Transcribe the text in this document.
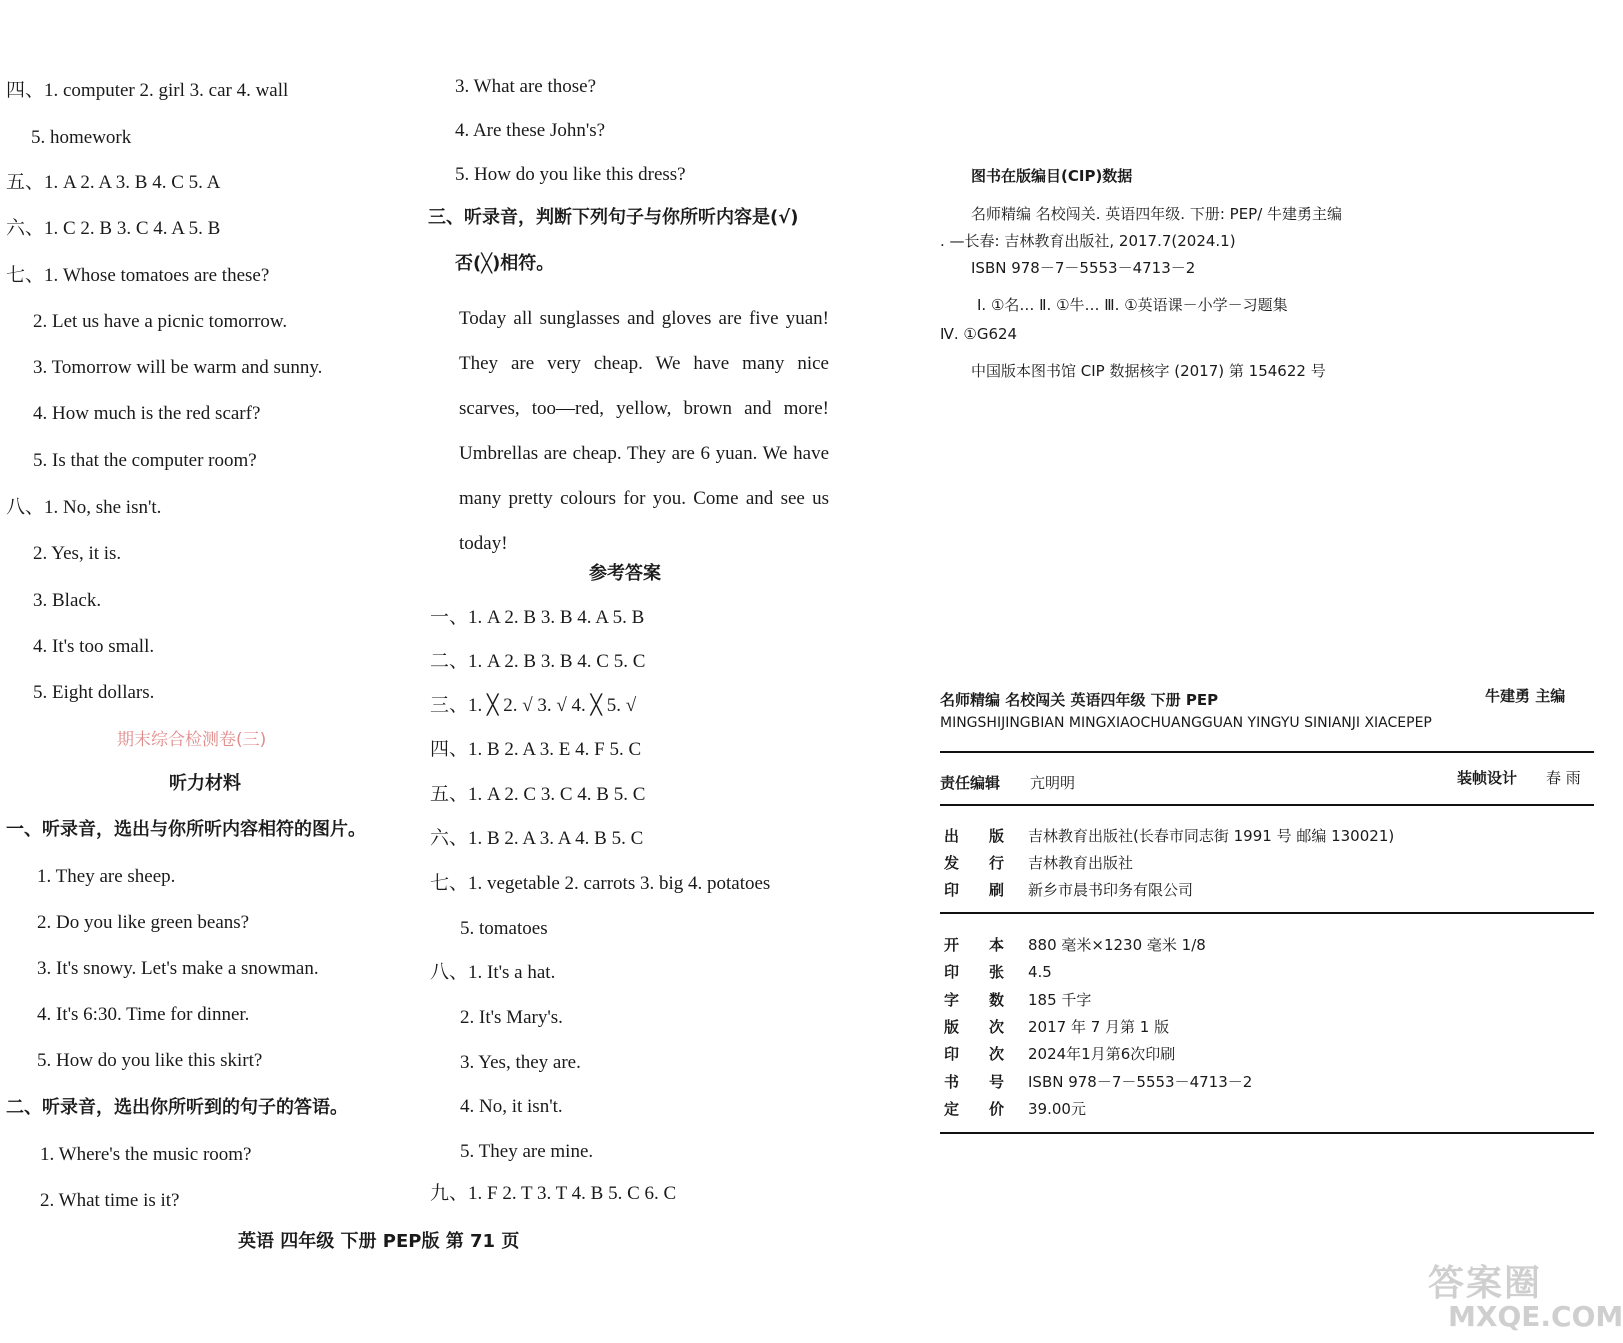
四、1. computer 2. girl 3. car 4. wall
5. homework
五、1. A 2. A 3. B 4. C 5. A
六、1. C 2. B 3. C 4. A 5. B
七、1. Whose tomatoes are these?
2. Let us have a picnic tomorrow.
3. Tomorrow will be warm and sunny.
4. How much is the red scarf?
5. Is that the computer room?
八、1. No, she isn't.
2. Yes, it is.
3. Black.
4. It's too small.
5. Eight dollars.
期末综合检测卷(三)
听力材料
一、听录音，选出与你所听内容相符的图片。
1. They are sheep.
2. Do you like green beans?
3. It's snowy. Let's make a snowman.
4. It's 6:30. Time for dinner.
5. How do you like this skirt?
二、听录音，选出你所听到的句子的答语。
1. Where's the music room?
2. What time is it?
3. What are those?
4. Are these John's?
5. How do you like this dress?
三、听录音，判断下列句子与你所听内容是(√)
否(╳)相符。
Today all sunglasses and gloves are five yuan! They are very cheap. We have many nice scarves, too—red, yellow, brown and more! Umbrellas are cheap. They are 6 yuan. We have many pretty colours for you. Come and see us today!
参考答案
一、1. A 2. B 3. B 4. A 5. B
二、1. A 2. B 3. B 4. C 5. C
三、1. ╳ 2. √ 3. √ 4. ╳ 5. √
四、1. B 2. A 3. E 4. F 5. C
五、1. A 2. C 3. C 4. B 5. C
六、1. B 2. A 3. A 4. B 5. C
七、1. vegetable 2. carrots 3. big 4. potatoes
5. tomatoes
八、1. It's a hat.
2. It's Mary's.
3. Yes, they are.
4. No, it isn't.
5. They are mine.
九、1. F 2. T 3. T 4. B 5. C 6. C
英语 四年级 下册 PEP版 第 71 页
图书在版编目(CIP)数据
名师精编 名校闯关. 英语四年级. 下册: PEP/ 牛建勇主编
. —长春: 吉林教育出版社, 2017.7(2024.1)
ISBN 978－7－5553－4713－2
Ⅰ. ①名… Ⅱ. ①牛… Ⅲ. ①英语课－小学－习题集
Ⅳ. ①G624
中国版本图书馆 CIP 数据核字 (2017) 第 154622 号
名师精编 名校闯关 英语四年级 下册 PEP	牛建勇 主编
MINGSHIJINGBIAN MINGXIAOCHUANGGUAN YINGYU SINIANJI XIACEPEP
责任编辑 亢明明	装帧设计 春 雨
出　　版 吉林教育出版社(长春市同志街 1991 号 邮编 130021)
发　　行 吉林教育出版社
印　　刷 新乡市晨书印务有限公司
开　　本 880 毫米×1230 毫米 1/8
印　　张 4.5
字　　数 185 千字
版　　次 2017 年 7 月第 1 版
印　　次 2024年1月第6次印刷
书　　号 ISBN 978－7－5553－4713－2
定　　价 39.00元
答案圈
MXQE.COM
